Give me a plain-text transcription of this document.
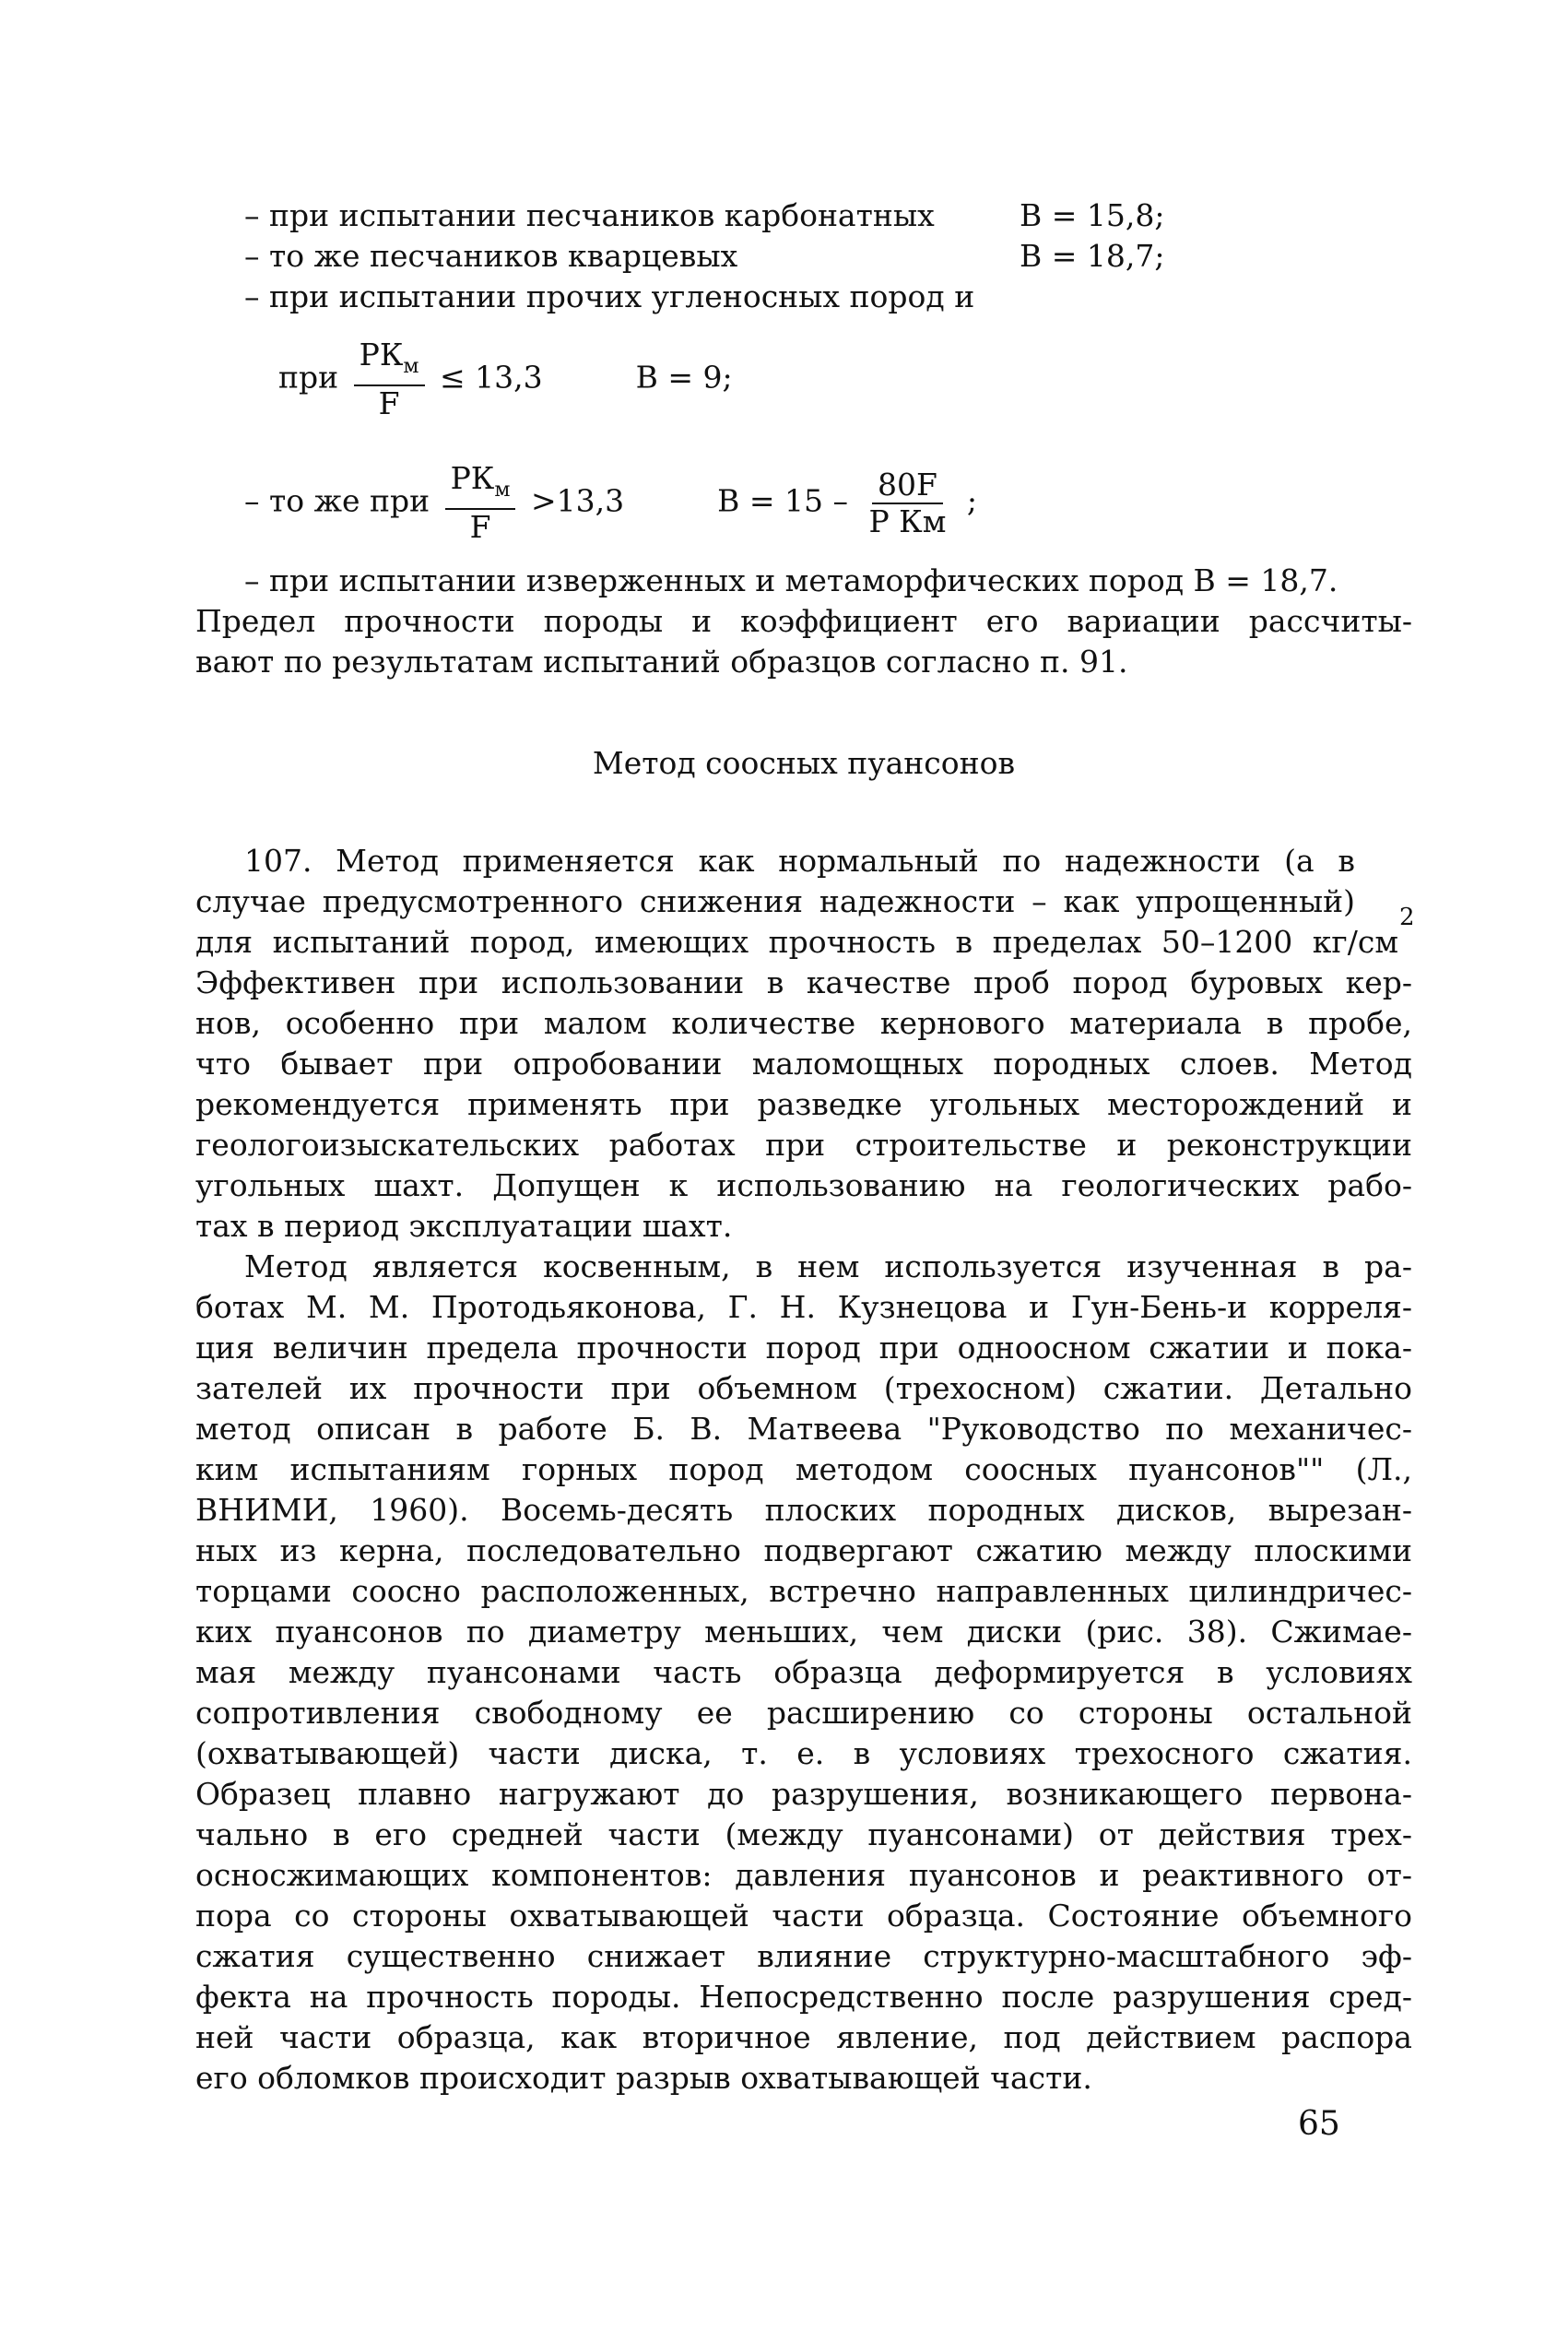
– при испытании песчаников карбонатных	В = 15,8;
– то же песчаников кварцевых	В = 18,7;
– при испытании прочих угленосных пород и
при $\frac{РК_м}{F} \le 13,3$	В = 9;
– то же при $\frac{РК_м}{F} >13,3$	$В = 15 - \frac{80F}{\text{Р Км}}$ ;
– при испытании изверженных и метаморфических пород В = 18,7.
Предел прочности породы и коэффициент его вариации рассчиты-
вают по результатам испытаний образцов согласно п. 91.
Метод соосных пуансонов
107. Метод применяется как нормальный по надежности (а в
случае предусмотренного снижения надежности – как упрощенный)
для испытаний пород, имеющих прочность в пределах 50–1200 кг/см
2
Эффективен при использовании в качестве проб пород буровых кер-
нов, особенно при малом количестве кернового материала в пробе,
что бывает при опробовании маломощных породных слоев. Метод
рекомендуется применять при разведке угольных месторождений и
геологоизыскательских работах при строительстве и реконструкции
угольных шахт. Допущен к использованию на геологических рабо-
тах в период эксплуатации шахт.
Метод является косвенным, в нем используется изученная в ра-
ботах М. М. Протодьяконова, Г. Н. Кузнецова и Гун-Бень-и корреля-
ция величин предела прочности пород при одноосном сжатии и пока-
зателей их прочности при объемном (трехосном) сжатии. Детально
метод описан в работе Б. В. Матвеева "Руководство по механичес-
ким испытаниям горных пород методом соосных пуансонов"" (Л.,
ВНИМИ, 1960). Восемь-десять плоских породных дисков, вырезан-
ных из керна, последовательно подвергают сжатию между плоскими
торцами соосно расположенных, встречно направленных цилиндричес-
ких пуансонов по диаметру меньших, чем диски (рис. 38). Сжимае-
мая между пуансонами часть образца деформируется в условиях
сопротивления свободному ее расширению со стороны остальной
(охватывающей) части диска, т. е. в условиях трехосного сжатия.
Образец плавно нагружают до разрушения, возникающего первона-
чально в его средней части (между пуансонами) от действия трех-
осносжимающих компонентов: давления пуансонов и реактивного от-
пора со стороны охватывающей части образца. Состояние объемного
сжатия существенно снижает влияние структурно-масштабного эф-
фекта на прочность породы. Непосредственно после разрушения сред-
ней части образца, как вторичное явление, под действием распора
его обломков происходит разрыв охватывающей части.
65
